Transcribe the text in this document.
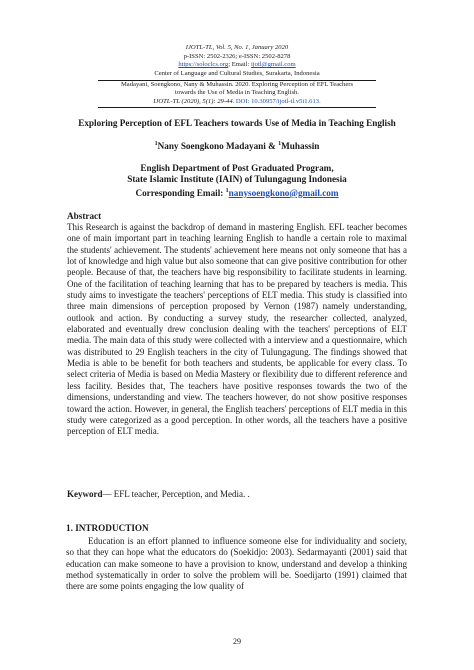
IJOTL-TL, Vol. 5, No. 1, January 2020
p-ISSN: 2502-2326; e-ISSN: 2502-8278
https://soloclcs.org; Email: ijotl@gmail.com
Center of Language and Cultural Studies, Surakarta, Indonesia
Madayani, Soengkono, Nany & Muhassin. 2020. Exploring Perception of EFL Teachers
towards the Use of Media in Teaching English.
IJOTL-TL (2020), 5(1): 29-44. DOI: 10.30957/ijotl-tl.v5i1.613.
Exploring Perception of EFL Teachers towards Use of Media in Teaching English
$^1$Nany Soengkono Madayani & $^1$Muhassin
English Department of Post Graduated Program,
State Islamic Institute (IAIN) of Tulungagung Indonesia
Corresponding Email: $^1$nanysoengkono@gmail.com
Abstract
This Research is against the backdrop of demand in mastering English. EFL teacher becomes one of main important part in teaching learning English to handle a certain role to maximal the students' achievement. The students' achievement here means not only someone that has a lot of knowledge and high value but also someone that can give positive contribution for other people. Because of that, the teachers have big responsibility to facilitate students in learning. One of the facilitation of teaching learning that has to be prepared by teachers is media. This study aims to investigate the teachers' perceptions of ELT media. This study is classified into three main dimensions of perception proposed by Vernon (1987) namely understanding, outlook and action. By conducting a survey study, the researcher collected, analyzed, elaborated and eventually drew conclusion dealing with the teachers' perceptions of ELT media. The main data of this study were collected with a interview and a questionnaire, which was distributed to 29 English teachers in the city of Tulungagung. The findings showed that Media is able to be benefit for both teachers and students, be applicable for every class. To select criteria of Media is based on Media Mastery or flexibility due to different reference and less facility. Besides that, The teachers have positive responses towards the two of the dimensions, understanding and view. The teachers however, do not show positive responses toward the action. However, in general, the English teachers' perceptions of ELT media in this study were categorized as a good perception. In other words, all the teachers have a positive perception of ELT media.
Keyword— EFL teacher, Perception, and Media. .
1. INTRODUCTION
Education is an effort planned to influence someone else for individuality and society, so that they can hope what the educators do (Soekidjo: 2003). Sedarmayanti (2001) said that education can make someone to have a provision to know, understand and develop a thinking method systematically in order to solve the problem will be. Soedijarto (1991) claimed that there are some points engaging the low quality of
29
